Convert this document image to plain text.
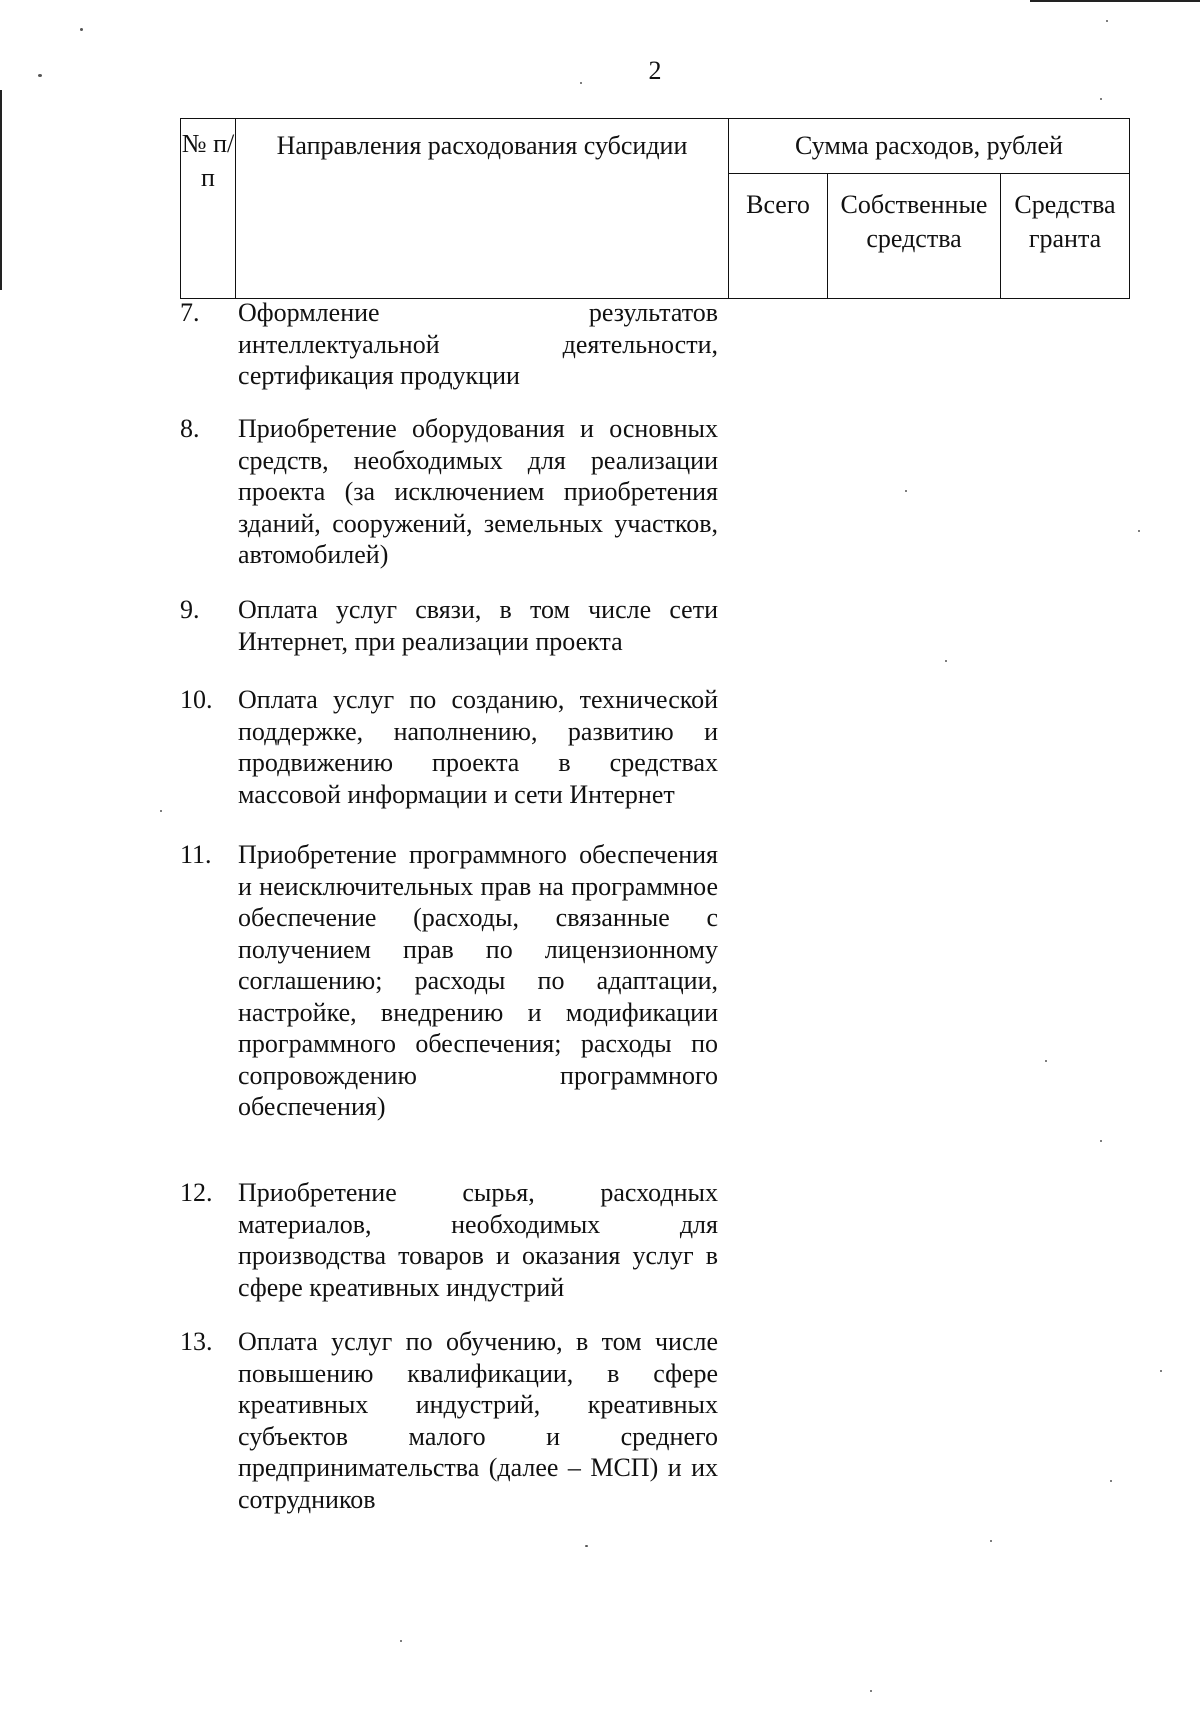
2
№ п/п	Направления расходования субсидии	Сумма расходов, рублей		
		Всего	Собственные средства	Средства гранта
7.	Оформление результатов интеллектуальной деятельности, сертификация продукции
8.	Приобретение оборудования и основных средств, необходимых для реализации проекта (за исключением приобретения зданий, сооружений, земельных участков, автомобилей)
9.	Оплата услуг связи, в том числе сети Интернет, при реализации проекта
10. Оплата услуг по созданию, технической поддержке, наполнению, развитию и продвижению проекта в средствах массовой информации и сети Интернет
11.	Приобретение программного обеспечения и неисключительных прав на программное обеспечение (расходы, связанные с получением прав по лицензионному соглашению; расходы по адаптации, настройке, внедрению и модификации программного обеспечения; расходы по сопровождению программного обеспечения)
12. Приобретение сырья, расходных материалов, необходимых для производства товаров и оказания услуг в сфере креативных индустрий
13. Оплата услуг по обучению, в том числе повышению квалификации, в сфере креативных индустрий, креативных субъектов малого и среднего предпринимательства (далее – МСП) и их сотрудников
